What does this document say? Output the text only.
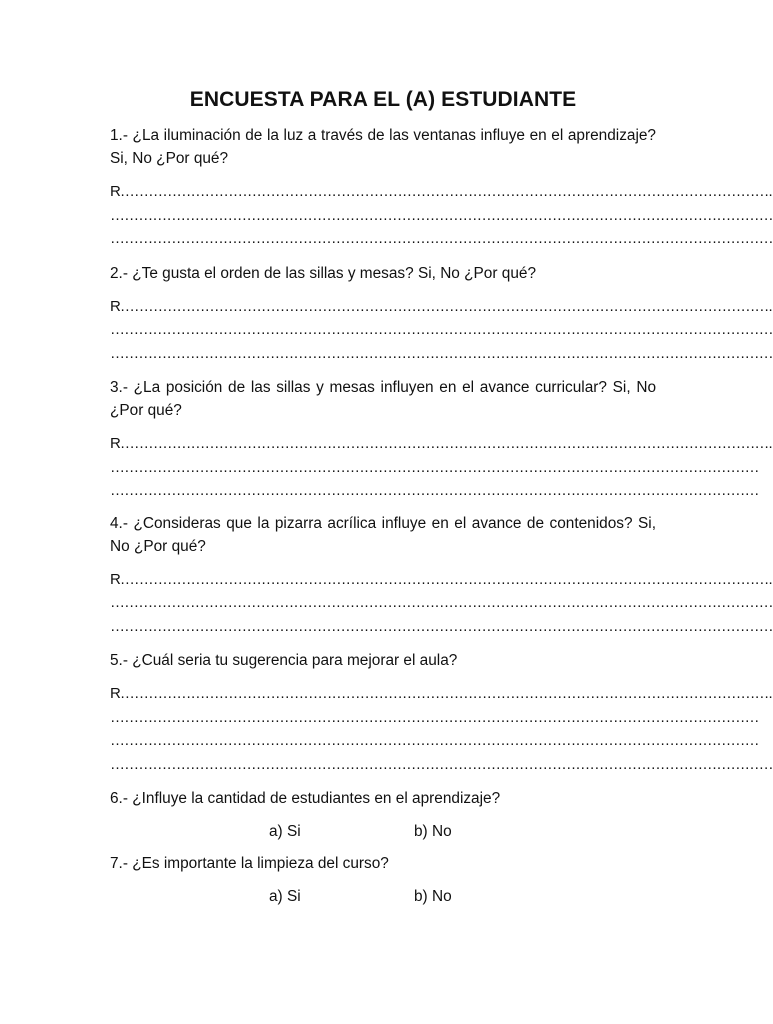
ENCUESTA PARA EL (A) ESTUDIANTE

1.- ¿La iluminación de la luz a través de las ventanas influye en el aprendizaje? Si, No ¿Por qué?

R………………………………………………………………………………………………………………………….
……………………………………………………………………………………………………………………………
……………………………………………………………………………………………………………………………

2.- ¿Te gusta el orden de las sillas y mesas? Si, No ¿Por qué?

R………………………………………………………………………………………………………………………….
……………………………………………………………………………………………………………………………
……………………………………………………………………………………………………………………………

3.- ¿La posición de las sillas y mesas influyen en el avance curricular? Si, No ¿Por qué?

R………………………………………………………………………………………………………………………….
…………………………………………………………………………………………………………………………
…………………………………………………………………………………………………………………………

4.- ¿Consideras que la pizarra acrílica influye en el avance de contenidos? Si, No ¿Por qué?

R………………………………………………………………………………………………………………………….
……………………………………………………………………………………………………………………………
……………………………………………………………………………………………………………………………

5.- ¿Cuál seria tu sugerencia para mejorar el aula?

R………………………………………………………………………………………………………………………….
…………………………………………………………………………………………………………………………
…………………………………………………………………………………………………………………………
……………………………………………………………………………………………………………………………

6.- ¿Influye la cantidad de estudiantes en el aprendizaje?

a) Si	b) No

7.- ¿Es importante la limpieza del curso?

a) Si	b) No
